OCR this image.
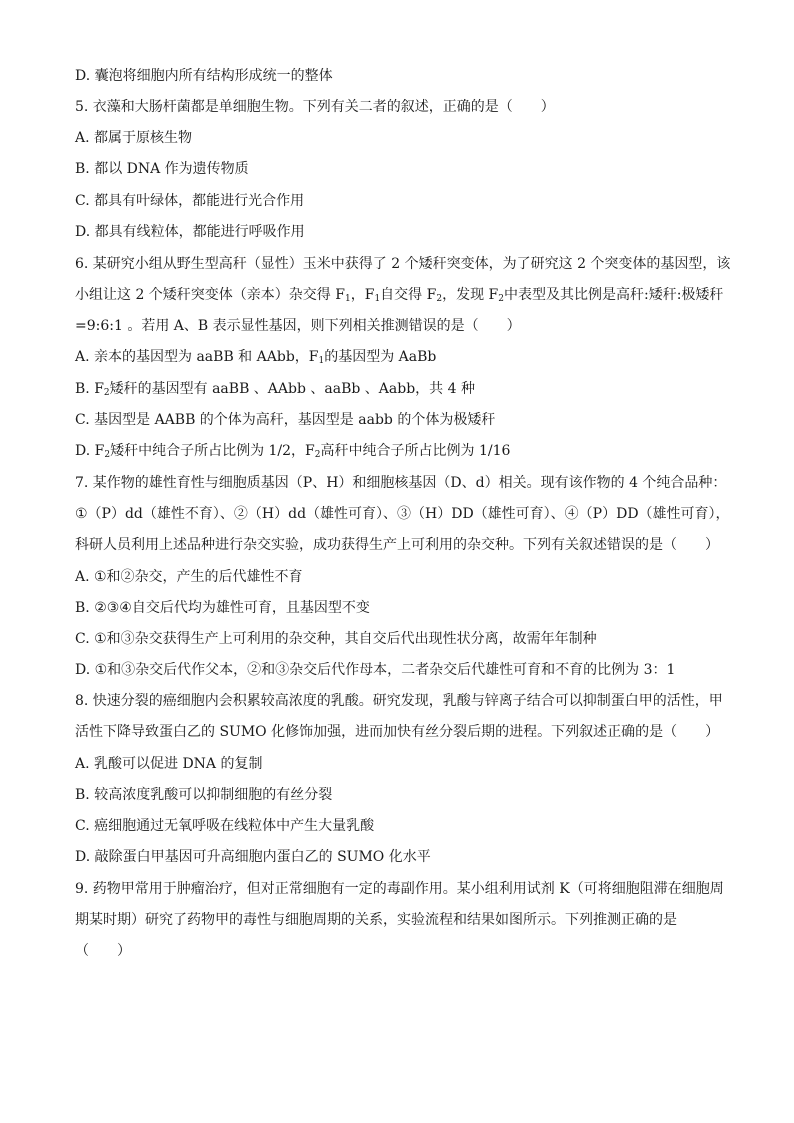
D. 囊泡将细胞内所有结构形成统一的整体
5. 衣藻和大肠杆菌都是单细胞生物。下列有关二者的叙述，正确的是（　　）
A. 都属于原核生物
B. 都以 DNA 作为遗传物质
C. 都具有叶绿体，都能进行光合作用
D. 都具有线粒体，都能进行呼吸作用
6. 某研究小组从野生型高秆（显性）玉米中获得了 2 个矮秆突变体，为了研究这 2 个突变体的基因型，该
小组让这 2 个矮秆突变体（亲本）杂交得 $F_1$，$F_1$自交得 $F_2$，发现 $F_2$中表型及其比例是高秆:矮秆:极矮秆
=9:6:1 。若用 A、B 表示显性基因，则下列相关推测错误的是（　　）
A. 亲本的基因型为 aaBB 和 AAbb，$F_1$的基因型为 AaBb
B. $F_2$矮秆的基因型有 aaBB 、AAbb 、aaBb 、Aabb，共 4 种
C. 基因型是 AABB 的个体为高秆，基因型是 aabb 的个体为极矮秆
D. $F_2$矮秆中纯合子所占比例为 1/2，$F_2$高秆中纯合子所占比例为 1/16
7. 某作物的雄性育性与细胞质基因（P、H）和细胞核基因（D、d）相关。现有该作物的 4 个纯合品种：
①（P）dd（雄性不育）、②（H）dd（雄性可育）、③（H）DD（雄性可育）、④（P）DD（雄性可育），
科研人员利用上述品种进行杂交实验，成功获得生产上可利用的杂交种。下列有关叙述错误的是（　　）
A. ①和②杂交，产生的后代雄性不育
B. ②③④自交后代均为雄性可育，且基因型不变
C. ①和③杂交获得生产上可利用的杂交种，其自交后代出现性状分离，故需年年制种
D. ①和③杂交后代作父本，②和③杂交后代作母本，二者杂交后代雄性可育和不育的比例为 3：1
8. 快速分裂的癌细胞内会积累较高浓度的乳酸。研究发现，乳酸与锌离子结合可以抑制蛋白甲的活性，甲
活性下降导致蛋白乙的 SUMO 化修饰加强，进而加快有丝分裂后期的进程。下列叙述正确的是（　　）
A. 乳酸可以促进 DNA 的复制
B. 较高浓度乳酸可以抑制细胞的有丝分裂
C. 癌细胞通过无氧呼吸在线粒体中产生大量乳酸
D. 敲除蛋白甲基因可升高细胞内蛋白乙的 SUMO 化水平
9. 药物甲常用于肿瘤治疗，但对正常细胞有一定的毒副作用。某小组利用试剂 K（可将细胞阻滞在细胞周
期某时期）研究了药物甲的毒性与细胞周期的关系，实验流程和结果如图所示。下列推测正确的是
（　　）
